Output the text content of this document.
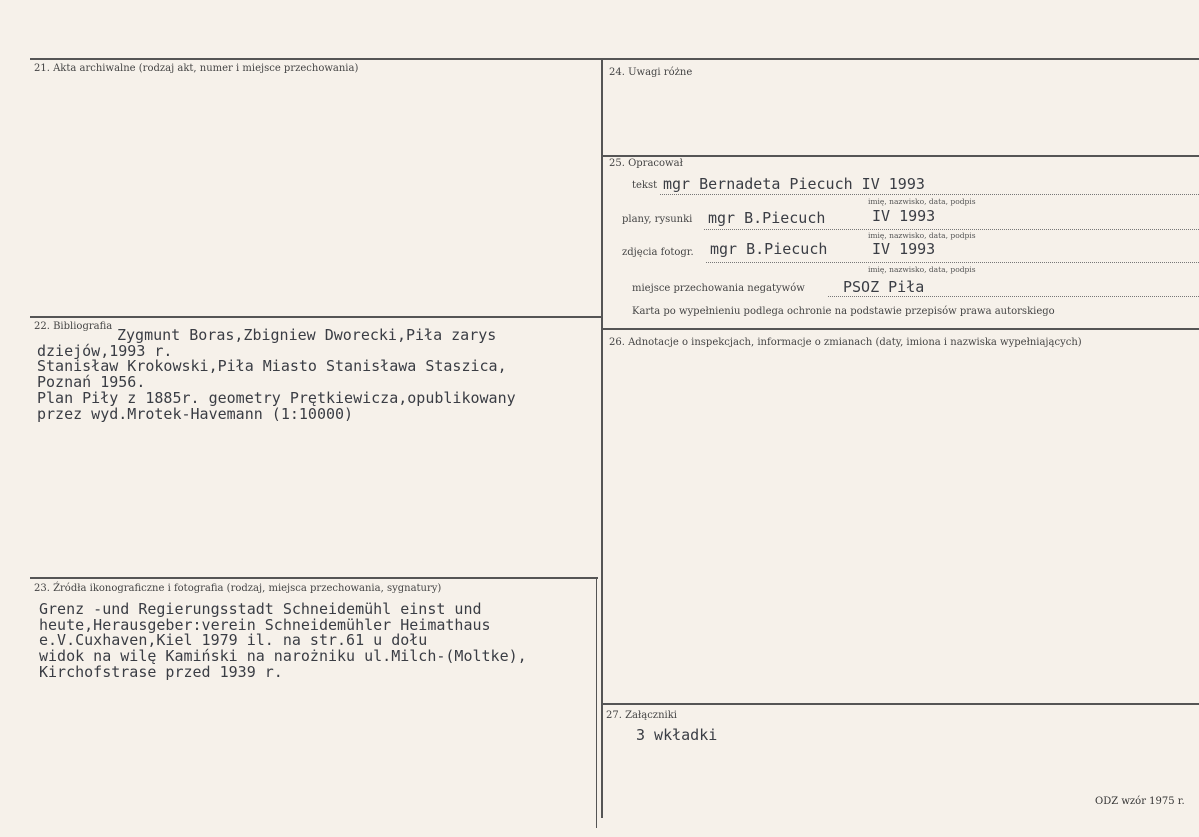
21. Akta archiwalne (rodzaj akt, numer i miejsce przechowania)	24. Uwagi różne
25. Opracował
tekst mgr Bernadeta Piecuch IV 1993
imię, nazwisko, data, podpis
plany, rysunki mgr B.Piecuch	IV 1993
imię, nazwisko, data, podpis
zdjęcia fotogr. mgr B.Piecuch	IV 1993
imię, nazwisko, data, podpis
miejsce przechowania negatywów	PSOZ Piła
Karta po wypełnieniu podlega ochronie na podstawie przepisów prawa autorskiego
22. Bibliografia Zygmunt Boras,Zbigniew Dworecki,Piła zarys
dziejów,1993 r.
Stanisław Krokowski,Piła Miasto Stanisława Staszica,
Poznań 1956.
Plan Piły z 1885r. geometry Prętkiewicza,opublikowany
przez wyd.Mrotek-Havemann (1:10000)
26. Adnotacje o inspekcjach, informacje o zmianach (daty, imiona i nazwiska wypełniających)
23. Źródła ikonograficzne i fotografia (rodzaj, miejsca przechowania, sygnatury)
Grenz -und Regierungsstadt Schneidemühl einst und
heute,Herausgeber:verein Schneidemühler Heimathaus
e.V.Cuxhaven,Kiel 1979 il. na str.61 u dołu
widok na wilę Kamiński na narożniku ul.Milch-(Moltke),
Kirchofstrase przed 1939 r.
27. Załączniki
3 wkładki
ODZ wzór 1975 r.
